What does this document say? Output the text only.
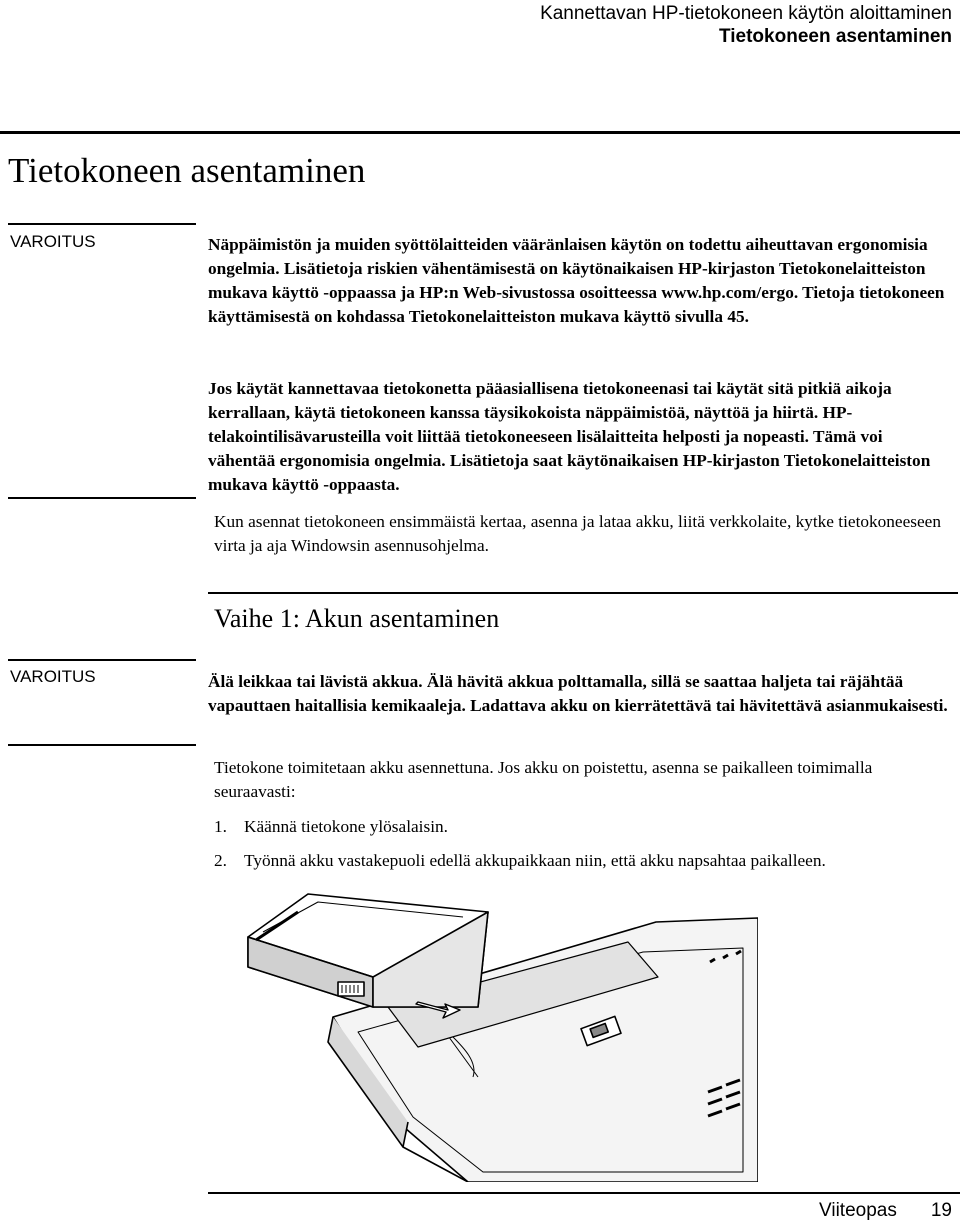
Kannettavan HP-tietokoneen käytön aloittaminen
Tietokoneen asentaminen
Tietokoneen asentaminen
VAROITUS	Näppäimistön ja muiden syöttölaitteiden vääränlaisen käytön on todettu aiheuttavan ergonomisia ongelmia. Lisätietoja riskien vähentämisestä on käytönaikaisen HP-kirjaston Tietokonelaitteiston mukava käyttö -oppaassa ja HP:n Web-sivustossa osoitteessa www.hp.com/ergo. Tietoja tietokoneen käyttämisestä on kohdassa Tietokonelaitteiston mukava käyttö sivulla 45.

Jos käytät kannettavaa tietokonetta pääasiallisena tietokoneenasi tai käytät sitä pitkiä aikoja kerrallaan, käytä tietokoneen kanssa täysikokoista näppäimistöä, näyttöä ja hiirtä. HP-telakointilisävarusteilla voit liittää tietokoneeseen lisälaitteita helposti ja nopeasti. Tämä voi vähentää ergonomisia ongelmia. Lisätietoja saat käytönaikaisen HP-kirjaston Tietokonelaitteiston mukava käyttö -oppaasta.

Kun asennat tietokoneen ensimmäistä kertaa, asenna ja lataa akku, liitä verkkolaite, kytke tietokoneeseen virta ja aja Windowsin asennusohjelma.

Vaihe 1: Akun asentaminen
VAROITUS	Älä leikkaa tai lävistä akkua. Älä hävitä akkua polttamalla, sillä se saattaa haljeta tai räjähtää vapauttaen haitallisia kemikaaleja. Ladattava akku on kierrätettävä tai hävitettävä asianmukaisesti.

Tietokone toimitetaan akku asennettuna. Jos akku on poistettu, asenna se paikalleen toimimalla seuraavasti:

1. Käännä tietokone ylösalaisin.
2. Työnnä akku vastakepuoli edellä akkupaikkaan niin, että akku napsahtaa paikalleen.
Viiteopas 19
